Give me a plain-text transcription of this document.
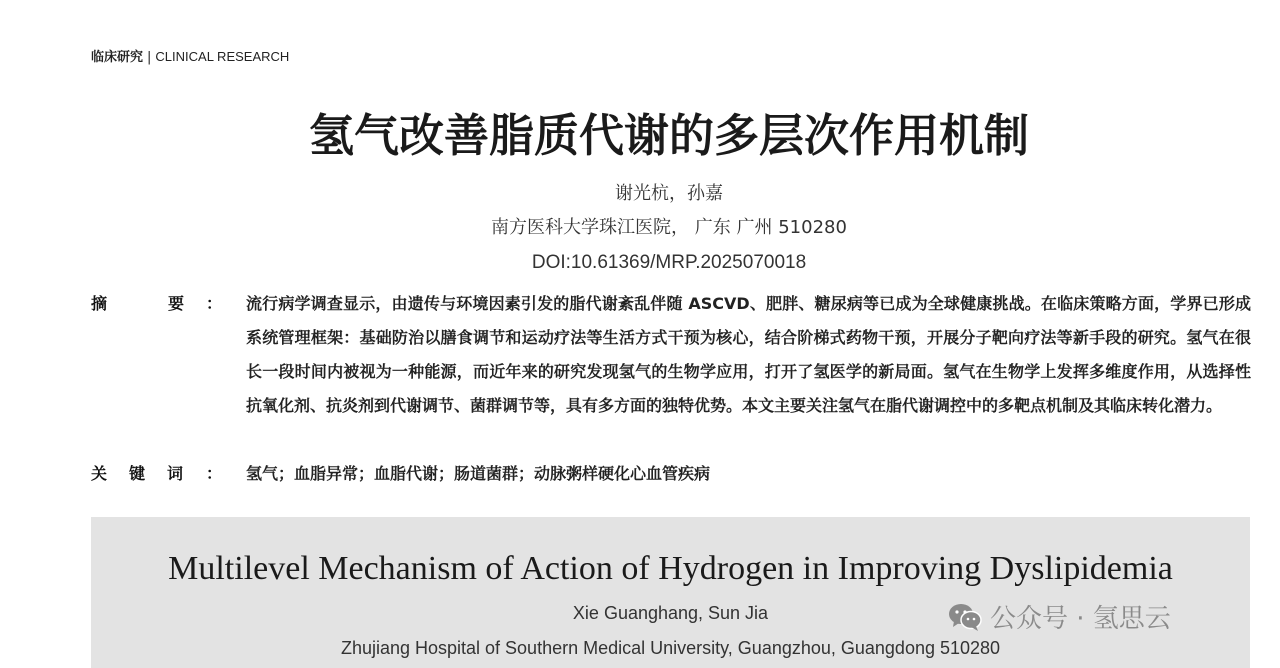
临床研究 | CLINICAL RESEARCH
氢气改善脂质代谢的多层次作用机制
谢光杭，孙嘉
南方医科大学珠江医院， 广东 广州 510280
DOI:10.61369/MRP.2025070018
摘	要	： 流行病学调查显示，由遗传与环境因素引发的脂代谢紊乱伴随 ASCVD、肥胖、糖尿病等已成为全球健康挑战。在临床策略方面，学界已形成系统管理框架：基础防治以膳食调节和运动疗法等生活方式干预为核心，结合阶梯式药物干预，开展分子靶向疗法等新手段的研究。氢气在很长一段时间内被视为一种能源，而近年来的研究发现氢气的生物学应用，打开了氢医学的新局面。氢气在生物学上发挥多维度作用，从选择性抗氧化剂、抗炎剂到代谢调节、菌群调节等，具有多方面的独特优势。本文主要关注氢气在脂代谢调控中的多靶点机制及其临床转化潜力。
关	键	词	： 氢气；血脂异常；血脂代谢；肠道菌群；动脉粥样硬化心血管疾病
Multilevel Mechanism of Action of Hydrogen in Improving Dyslipidemia
Xie Guanghang, Sun Jia
Zhujiang Hospital of Southern Medical University, Guangzhou, Guangdong 510280
公众号 · 氢思云
